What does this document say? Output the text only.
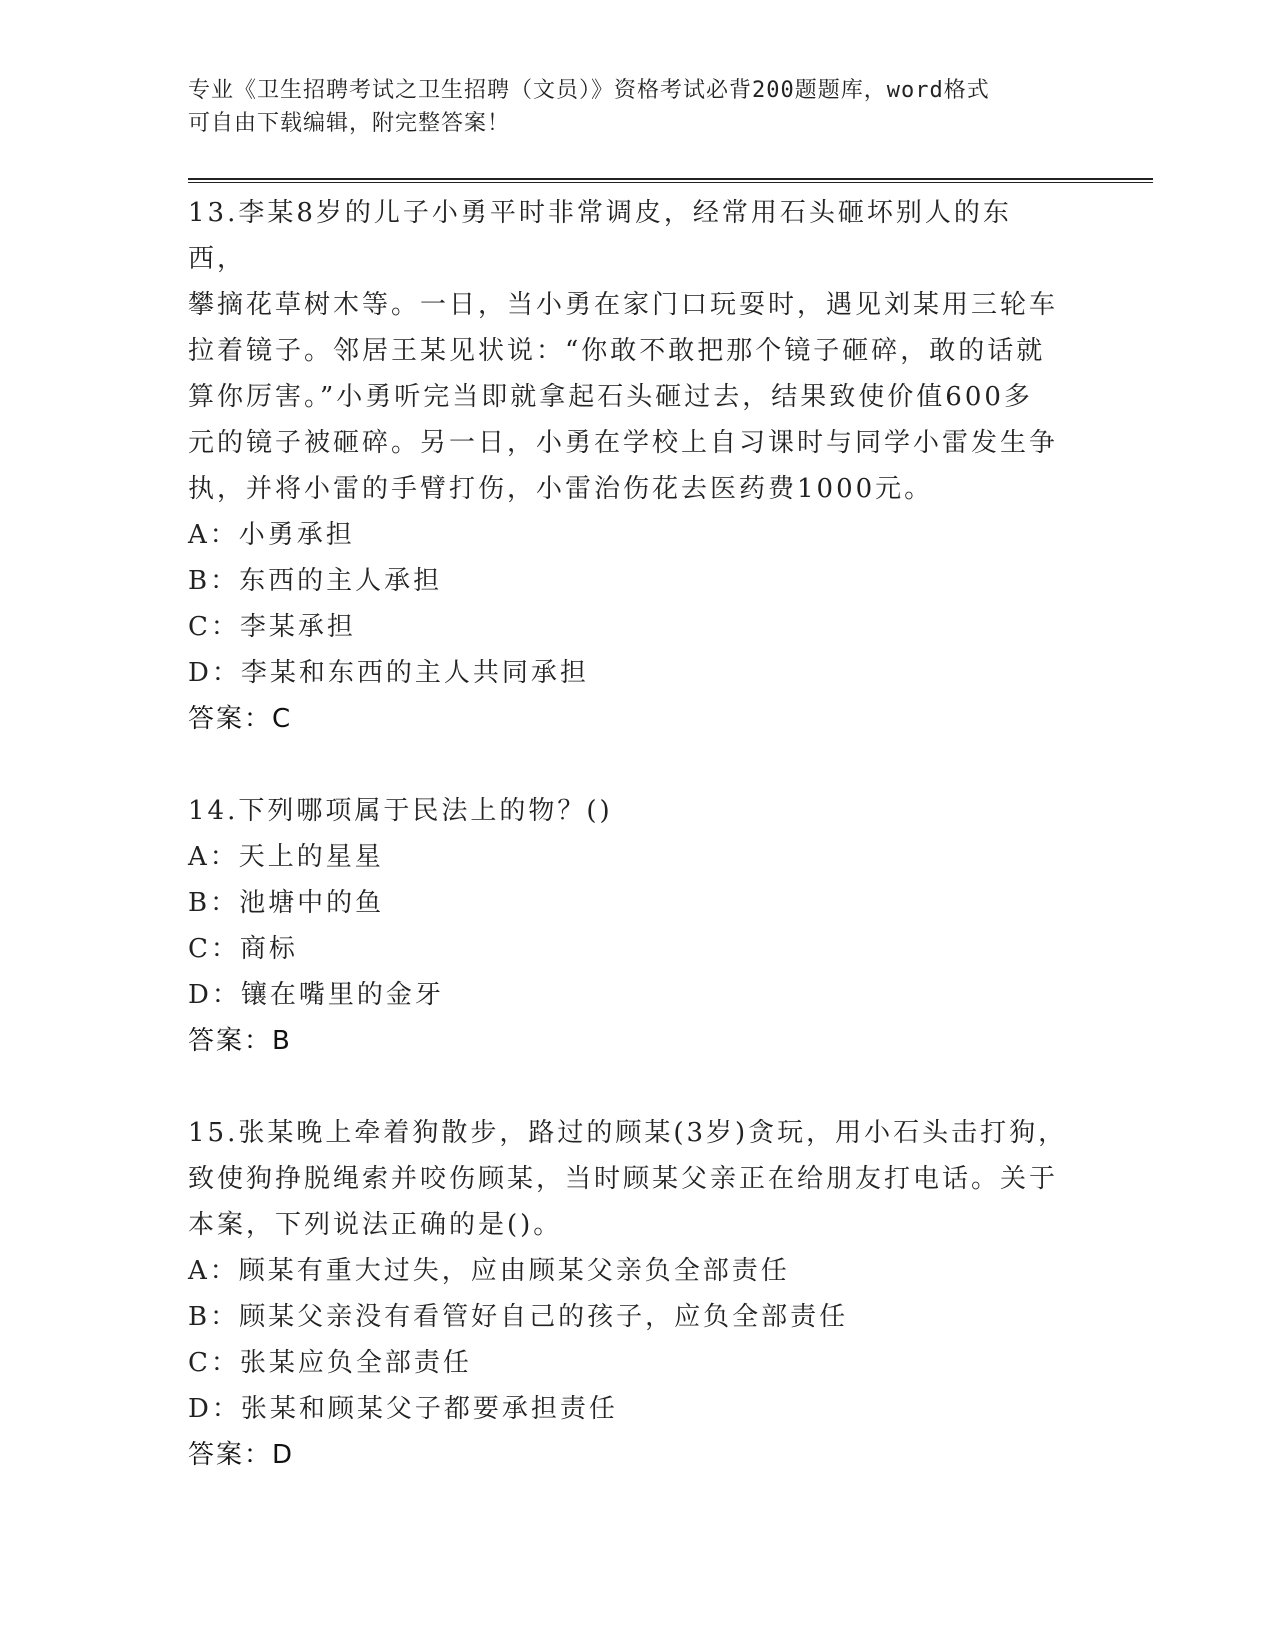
专业《卫生招聘考试之卫生招聘（文员）》资格考试必背200题题库，word格式
可自由下载编辑，附完整答案！
13.李某8岁的儿子小勇平时非常调皮，经常用石头砸坏别人的东西，
攀摘花草树木等。一日，当小勇在家门口玩耍时，遇见刘某用三轮车
拉着镜子。邻居王某见状说：“你敢不敢把那个镜子砸碎，敢的话就
算你厉害。”小勇听完当即就拿起石头砸过去，结果致使价值600多
元的镜子被砸碎。另一日，小勇在学校上自习课时与同学小雷发生争
执，并将小雷的手臂打伤，小雷治伤花去医药费1000元。
A：小勇承担
B：东西的主人承担
C：李某承担
D：李某和东西的主人共同承担
答案：C
14.下列哪项属于民法上的物？()
A：天上的星星
B：池塘中的鱼
C：商标
D：镶在嘴里的金牙
答案：B
15.张某晚上牵着狗散步，路过的顾某(3岁)贪玩，用小石头击打狗，
致使狗挣脱绳索并咬伤顾某，当时顾某父亲正在给朋友打电话。关于
本案，下列说法正确的是()。
A：顾某有重大过失，应由顾某父亲负全部责任
B：顾某父亲没有看管好自己的孩子，应负全部责任
C：张某应负全部责任
D：张某和顾某父子都要承担责任
答案：D
